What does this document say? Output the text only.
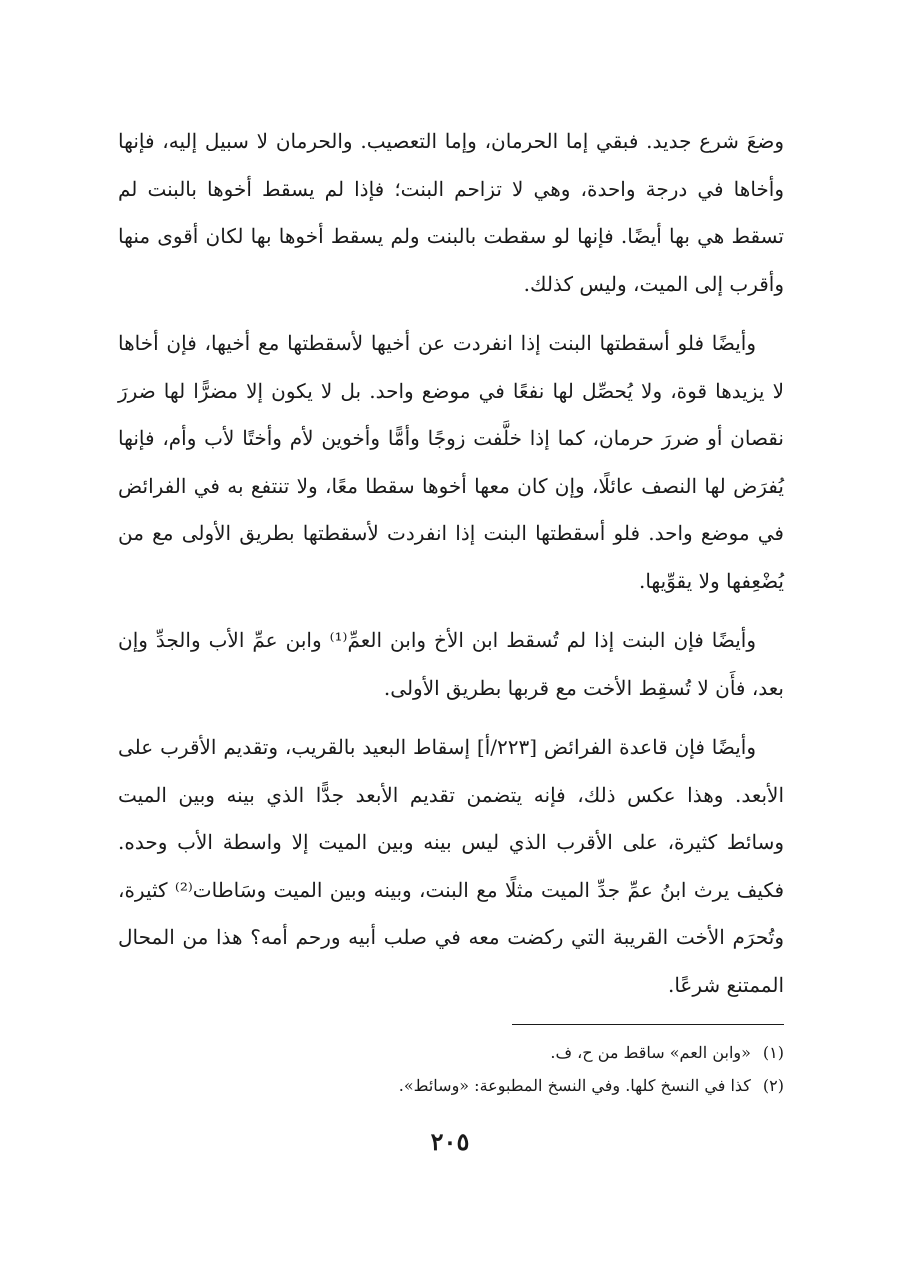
وضعَ شرع جديد. فبقي إما الحرمان، وإما التعصيب. والحرمان لا سبيل إليه، فإنها وأخاها في درجة واحدة، وهي لا تزاحم البنت؛ فإذا لم يسقط أخوها بالبنت لم تسقط هي بها أيضًا. فإنها لو سقطت بالبنت ولم يسقط أخوها بها لكان أقوى منها وأقرب إلى الميت، وليس كذلك.

وأيضًا فلو أسقطتها البنت إذا انفردت عن أخيها لأسقطتها مع أخيها، فإن أخاها لا يزيدها قوة، ولا يُحصِّل لها نفعًا في موضع واحد. بل لا يكون إلا مضرًّا لها ضررَ نقصان أو ضررَ حرمان، كما إذا خلَّفت زوجًا وأمًّا وأخوين لأم وأختًا لأب وأم، فإنها يُفرَض لها النصف عائلًا، وإن كان معها أخوها سقطا معًا، ولا تنتفع به في الفرائض في موضع واحد. فلو أسقطتها البنت إذا انفردت لأسقطتها بطريق الأولى مع من يُضْعِفها ولا يقوِّيها.

وأيضًا فإن البنت إذا لم تُسقط ابن الأخ وابن العمِّ⁽¹⁾ وابن عمِّ الأب والجدِّ وإن بعد، فأَن لا تُسقِط الأخت مع قربها بطريق الأولى.

وأيضًا فإن قاعدة الفرائض [٢٢٣/أ] إسقاط البعيد بالقريب، وتقديم الأقرب على الأبعد. وهذا عكس ذلك، فإنه يتضمن تقديم الأبعد جدًّا الذي بينه وبين الميت وسائط كثيرة، على الأقرب الذي ليس بينه وبين الميت إلا واسطة الأب وحده. فكيف يرث ابنُ عمِّ جدِّ الميت مثلًا مع البنت، وبينه وبين الميت وسَاطات⁽²⁾ كثيرة، وتُحرَم الأخت القريبة التي ركضت معه في صلب أبيه ورحم أمه؟ هذا من المحال الممتنع شرعًا.

(١)«وابن العم» ساقط من ح، ف.

(٢)كذا في النسخ كلها. وفي النسخ المطبوعة: «وسائط».

٢٠٥
